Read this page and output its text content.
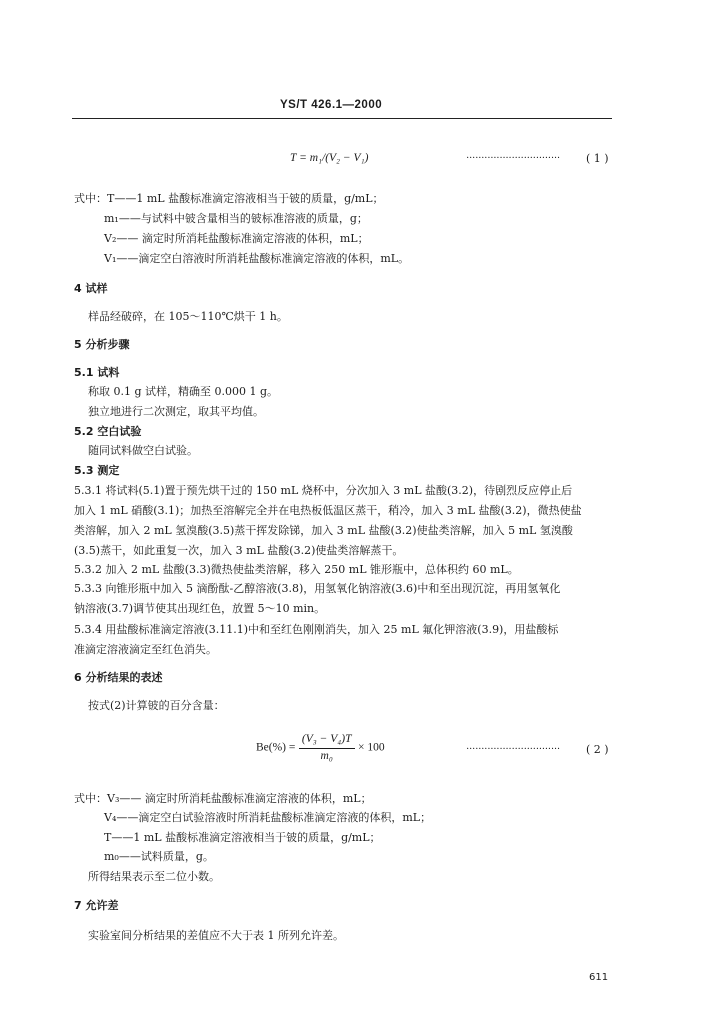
YS/T 426.1—2000
T = m₁/(V₂ − V₁)	······························· ( 1 )
式中：T——1 mL 盐酸标准滴定溶液相当于铍的质量，g/mL；
m₁——与试料中铍含量相当的铍标准溶液的质量，g；
V₂—— 滴定时所消耗盐酸标准滴定溶液的体积，mL；
V₁——滴定空白溶液时所消耗盐酸标准滴定溶液的体积，mL。
4 试样
样品经破碎，在 105～110℃烘干 1 h。
5 分析步骤
5.1 试料
称取 0.1 g 试样，精确至 0.000 1 g。
独立地进行二次测定，取其平均值。
5.2 空白试验
随同试料做空白试验。
5.3 测定
5.3.1 将试料(5.1)置于预先烘干过的 150 mL 烧杯中，分次加入 3 mL 盐酸(3.2)，待剧烈反应停止后
加入 1 mL 硝酸(3.1)；加热至溶解完全并在电热板低温区蒸干，稍冷，加入 3 mL 盐酸(3.2)，微热使盐
类溶解，加入 2 mL 氢溴酸(3.5)蒸干挥发除锑，加入 3 mL 盐酸(3.2)使盐类溶解，加入 5 mL 氢溴酸
(3.5)蒸干，如此重复一次，加入 3 mL 盐酸(3.2)使盐类溶解蒸干。
5.3.2 加入 2 mL 盐酸(3.3)微热使盐类溶解，移入 250 mL 锥形瓶中，总体积约 60 mL。
5.3.3 向锥形瓶中加入 5 滴酚酞-乙醇溶液(3.8)，用氢氧化钠溶液(3.6)中和至出现沉淀，再用氢氧化
钠溶液(3.7)调节使其出现红色，放置 5～10 min。
5.3.4 用盐酸标准滴定溶液(3.11.1)中和至红色刚刚消失，加入 25 mL 氟化钾溶液(3.9)，用盐酸标
准滴定溶液滴定至红色消失。
6 分析结果的表述
按式(2)计算铍的百分含量：
$Be(\%) = \frac{\text{(V₃ − V₄)T}}{\text{m₀}} \times 100$	······························· ( 2 )
式中：V₃—— 滴定时所消耗盐酸标准滴定溶液的体积，mL；
V₄——滴定空白试验溶液时所消耗盐酸标准滴定溶液的体积，mL；
T——1 mL 盐酸标准滴定溶液相当于铍的质量，g/mL；
m₀——试料质量，g。
所得结果表示至二位小数。
7 允许差
实验室间分析结果的差值应不大于表 1 所列允许差。
611
